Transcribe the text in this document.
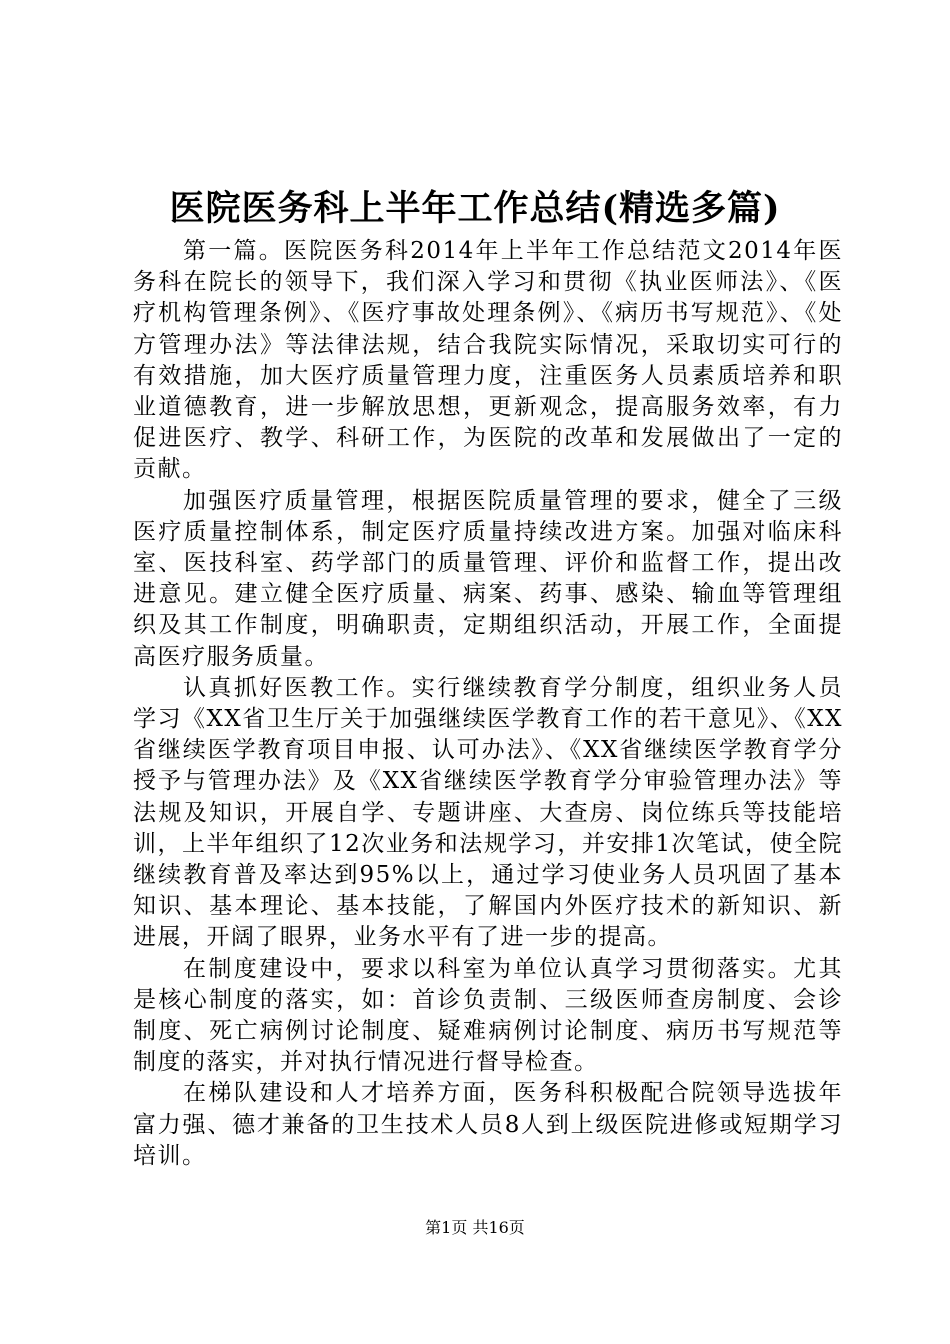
医院医务科上半年工作总结(精选多篇)

第一篇。医院医务科2014年上半年工作总结范文2014年医务科在院长的领导下，我们深入学习和贯彻《执业医师法》、《医疗机构管理条例》、《医疗事故处理条例》、《病历书写规范》、《处方管理办法》等法律法规，结合我院实际情况，采取切实可行的有效措施，加大医疗质量管理力度，注重医务人员素质培养和职业道德教育，进一步解放思想，更新观念，提高服务效率，有力促进医疗、教学、科研工作，为医院的改革和发展做出了一定的贡献。

加强医疗质量管理，根据医院质量管理的要求，健全了三级医疗质量控制体系，制定医疗质量持续改进方案。加强对临床科室、医技科室、药学部门的质量管理、评价和监督工作，提出改进意见。建立健全医疗质量、病案、药事、感染、输血等管理组织及其工作制度，明确职责，定期组织活动，开展工作，全面提高医疗服务质量。

认真抓好医教工作。实行继续教育学分制度，组织业务人员学习《XX省卫生厅关于加强继续医学教育工作的若干意见》、《XX省继续医学教育项目申报、认可办法》、《XX省继续医学教育学分授予与管理办法》及《XX省继续医学教育学分审验管理办法》等法规及知识，开展自学、专题讲座、大查房、岗位练兵等技能培训，上半年组织了12次业务和法规学习，并安排1次笔试，使全院继续教育普及率达到95%以上，通过学习使业务人员巩固了基本知识、基本理论、基本技能，了解国内外医疗技术的新知识、新进展，开阔了眼界，业务水平有了进一步的提高。

在制度建设中，要求以科室为单位认真学习贯彻落实。尤其是核心制度的落实，如：首诊负责制、三级医师查房制度、会诊制度、死亡病例讨论制度、疑难病例讨论制度、病历书写规范等制度的落实，并对执行情况进行督导检查。

在梯队建设和人才培养方面，医务科积极配合院领导选拔年富力强、德才兼备的卫生技术人员8人到上级医院进修或短期学习培训。

第1页 共16页
